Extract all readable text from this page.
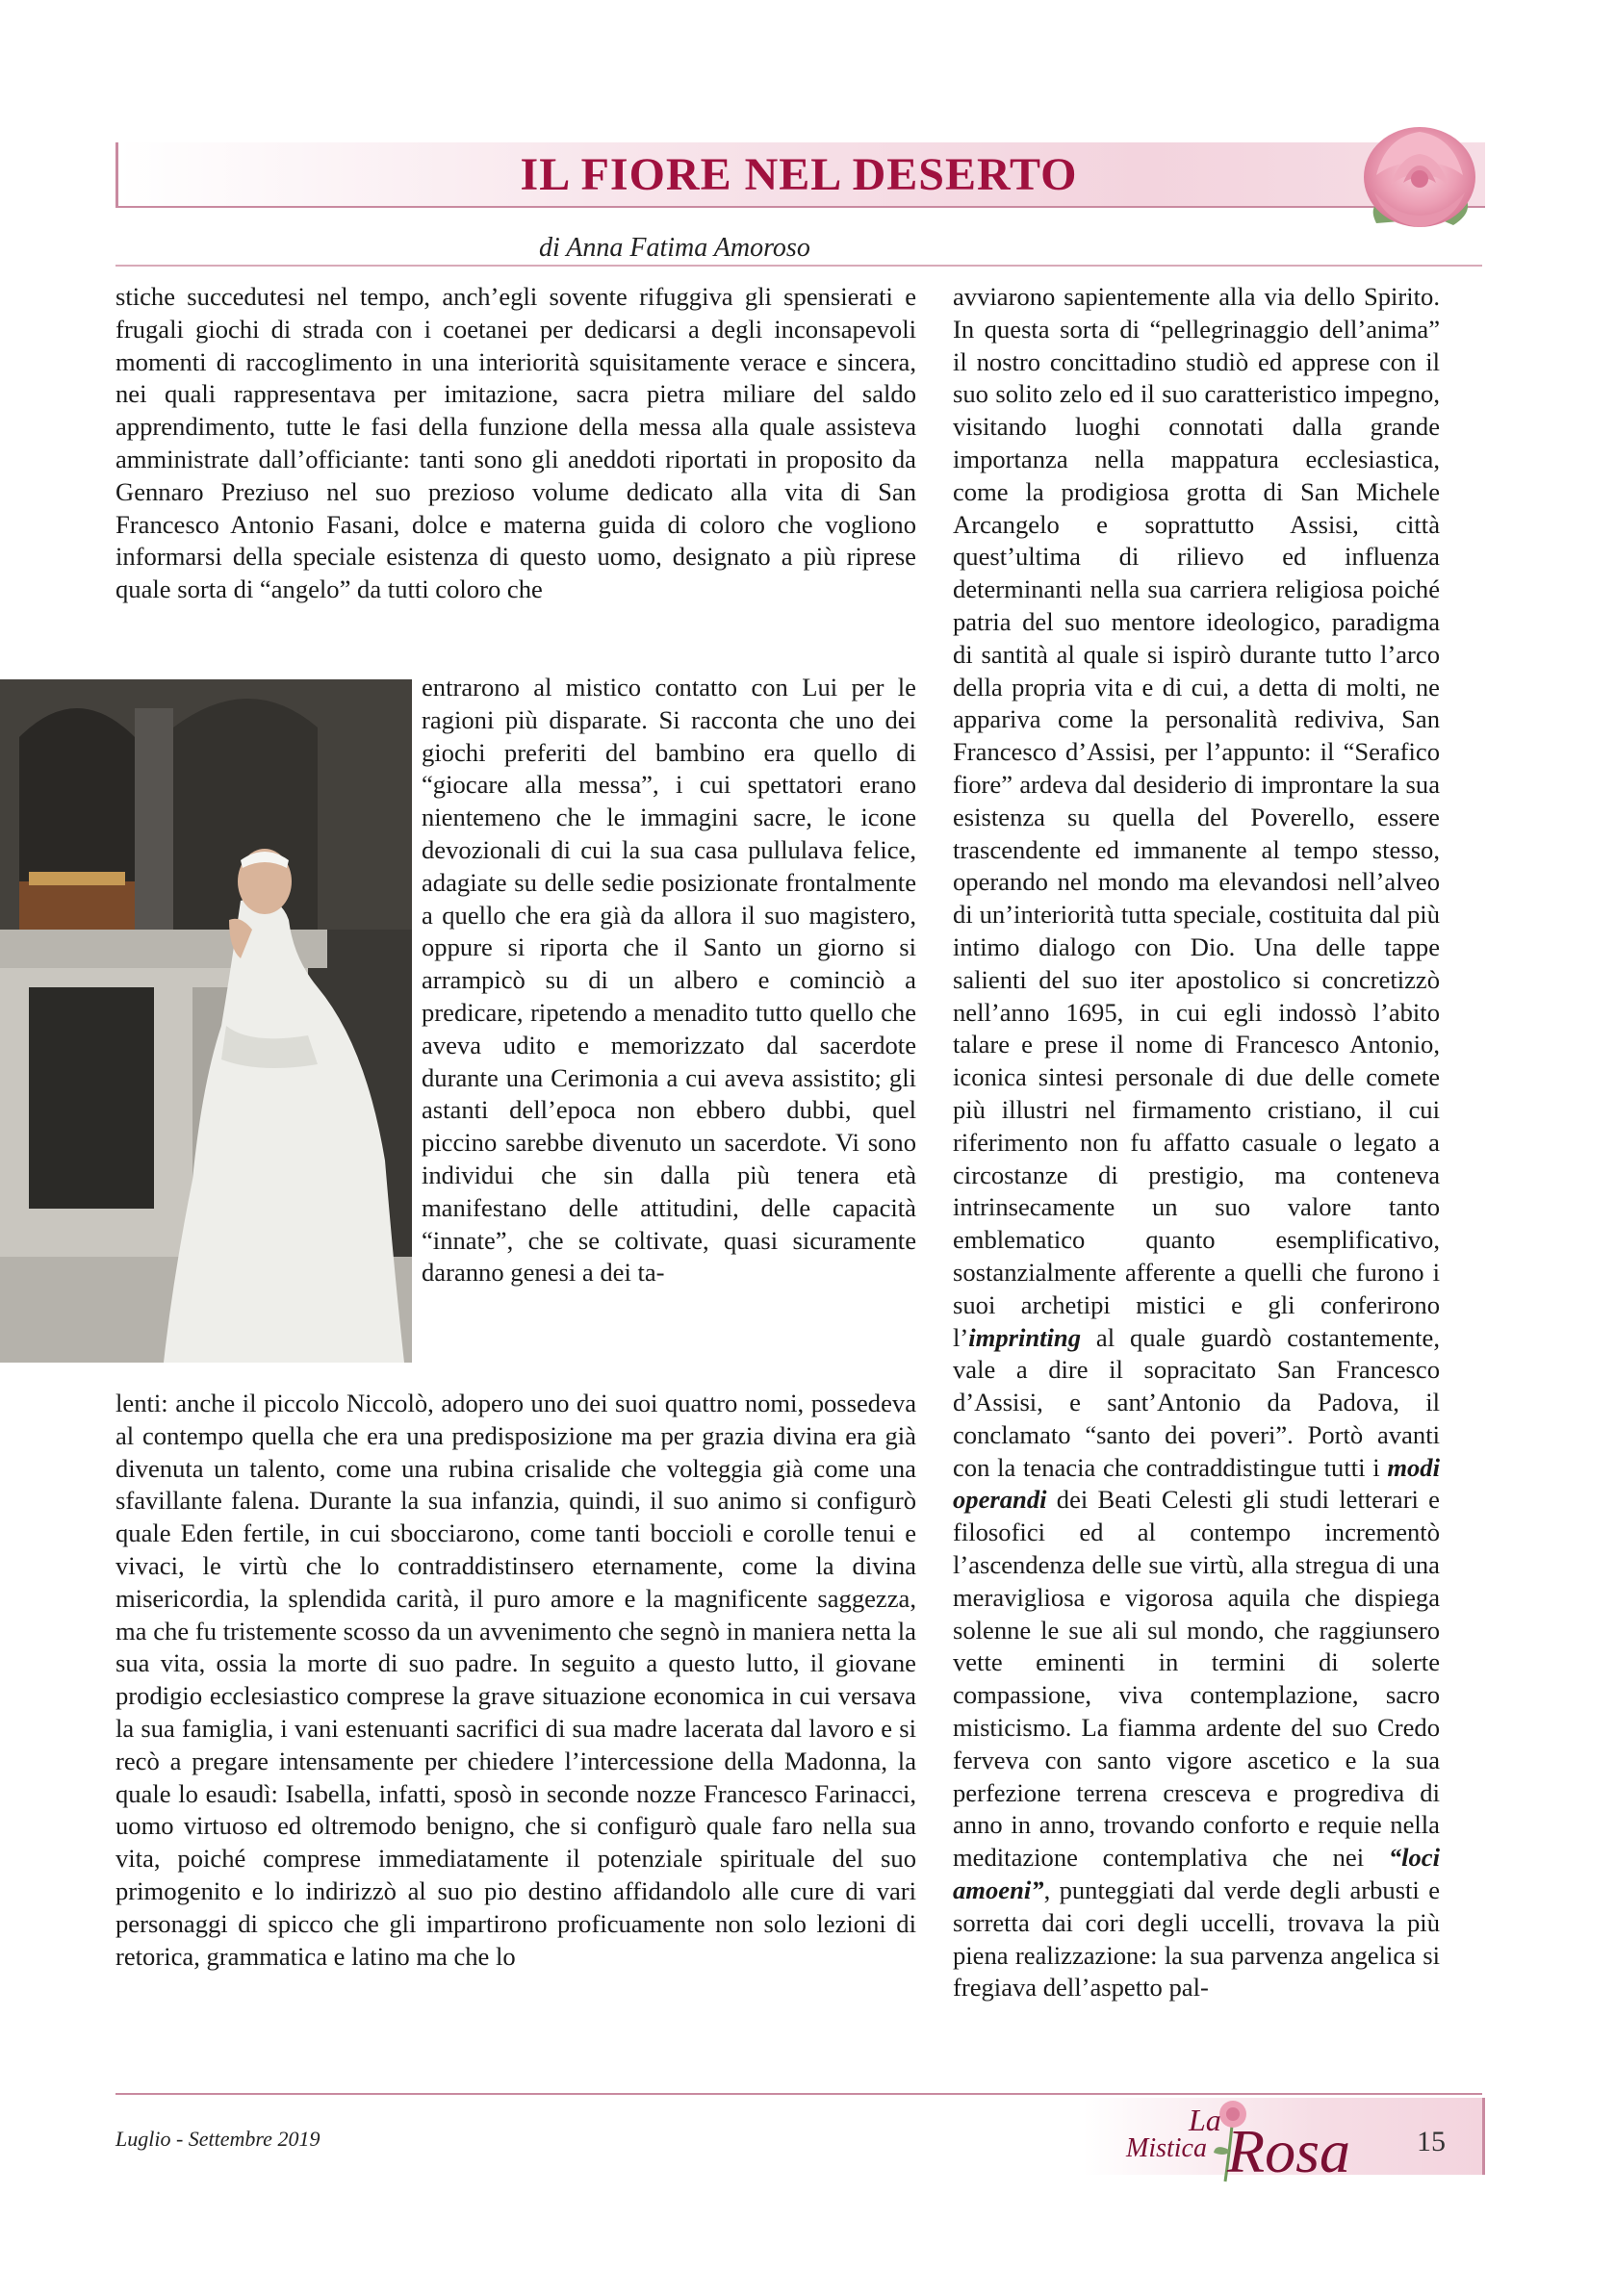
IL FIORE NEL DESERTO
di Anna Fatima Amoroso

stiche succedutesi nel tempo, anch’egli sovente rifuggiva gli spensierati e frugali giochi di strada con i coetanei per dedicarsi a degli inconsapevoli momenti di raccoglimento in una interiorità squisitamente verace e sincera, nei quali rappresentava per imitazione, sacra pietra miliare del saldo apprendimento, tutte le fasi della funzione della messa alla quale assisteva amministrate dall’officiante: tanti sono gli aneddoti riportati in proposito da Gennaro Preziuso nel suo prezioso volume dedicato alla vita di San Francesco Antonio Fasani, dolce e materna guida di coloro che vogliono informarsi della speciale esistenza di questo uomo, designato a più riprese quale sorta di “angelo” da tutti coloro che

entrarono al mistico contatto con Lui per le ragioni più disparate. Si racconta che uno dei giochi preferiti del bambino era quello di “giocare alla messa”, i cui spettatori erano nientemeno che le immagini sacre, le icone devozionali di cui la sua casa pullulava felice, adagiate su delle sedie posizionate frontalmente a quello che era già da allora il suo magistero, oppure si riporta che il Santo un giorno si arrampicò su di un albero e cominciò a predicare, ripetendo a menadito tutto quello che aveva udito e memorizzato dal sacerdote durante una Cerimonia a cui aveva assistito; gli astanti dell’epoca non ebbero dubbi, quel piccino sarebbe divenuto un sacerdote. Vi sono individui che sin dalla più tenera età manifestano delle attitudini, delle capacità “innate”, che se coltivate, quasi sicuramente daranno genesi a dei ta-

lenti: anche il piccolo Niccolò, adopero uno dei suoi quattro nomi, possedeva al contempo quella che era una predisposizione ma per grazia divina era già divenuta un talento, come una rubina crisalide che volteggia già come una sfavillante falena. Durante la sua infanzia, quindi, il suo animo si configurò quale Eden fertile, in cui sbocciarono, come tanti boccioli e corolle tenui e vivaci, le virtù che lo contraddistinsero eternamente, come la divina misericordia, la splendida carità, il puro amore e la magnificente saggezza, ma che fu tristemente scosso da un avvenimento che segnò in maniera netta la sua vita, ossia la morte di suo padre. In seguito a questo lutto, il giovane prodigio ecclesiastico comprese la grave situazione economica in cui versava la sua famiglia, i vani estenuanti sacrifici di sua madre lacerata dal lavoro e si recò a pregare intensamente per chiedere l’intercessione della Madonna, la quale lo esaudì: Isabella, infatti, sposò in seconde nozze Francesco Farinacci, uomo virtuoso ed oltremodo benigno, che si configurò quale faro nella sua vita, poiché comprese immediatamente il potenziale spirituale del suo primogenito e lo indirizzò al suo pio destino affidandolo alle cure di vari personaggi di spicco che gli impartirono proficuamente non solo lezioni di retorica, grammatica e latino ma che lo

avviarono sapientemente alla via dello Spirito. In questa sorta di “pellegrinaggio dell’anima” il nostro concittadino studiò ed apprese con il suo solito zelo ed il suo caratteristico impegno, visitando luoghi connotati dalla grande importanza nella mappatura ecclesiastica, come la prodigiosa grotta di San Michele Arcangelo e soprattutto Assisi, città quest’ultima di rilievo ed influenza determinanti nella sua carriera religiosa poiché patria del suo mentore ideologico, paradigma di santità al quale si ispirò durante tutto l’arco della propria vita e di cui, a detta di molti, ne appariva come la personalità rediviva, San Francesco d’Assisi, per l’appunto: il “Serafico fiore” ardeva dal desiderio di improntare la sua esistenza su quella del Poverello, essere trascendente ed immanente al tempo stesso, operando nel mondo ma elevandosi nell’alveo di un’interiorità tutta speciale, costituita dal più intimo dialogo con Dio. Una delle tappe salienti del suo iter apostolico si concretizzò nell’anno 1695, in cui egli indossò l’abito talare e prese il nome di Francesco Antonio, iconica sintesi personale di due delle comete più illustri nel firmamento cristiano, il cui riferimento non fu affatto casuale o legato a circostanze di prestigio, ma conteneva intrinsecamente un suo valore tanto emblematico quanto esemplificativo, sostanzialmente afferente a quelli che furono i suoi archetipi mistici e gli conferirono l’imprinting al quale guardò costantemente, vale a dire il sopracitato San Francesco d’Assisi, e sant’Antonio da Padova, il conclamato “santo dei poveri”. Portò avanti con la tenacia che contraddistingue tutti i modi operandi dei Beati Celesti gli studi letterari e filosofici ed al contempo incrementò l’ascendenza delle sue virtù, alla stregua di una meravigliosa e vigorosa aquila che dispiega solenne le sue ali sul mondo, che raggiunsero vette eminenti in termini di solerte compassione, viva contemplazione, sacro misticismo. La fiamma ardente del suo Credo ferveva con santo vigore ascetico e la sua perfezione terrena cresceva e progrediva di anno in anno, trovando conforto e requie nella meditazione contemplativa che nei “loci amoeni”, punteggiati dal verde degli arbusti e sorretta dai cori degli uccelli, trovava la più piena realizzazione: la sua parvenza angelica si fregiava dell’aspetto pal-

Luglio - Settembre 2019
La
Mistica Rosa 15
